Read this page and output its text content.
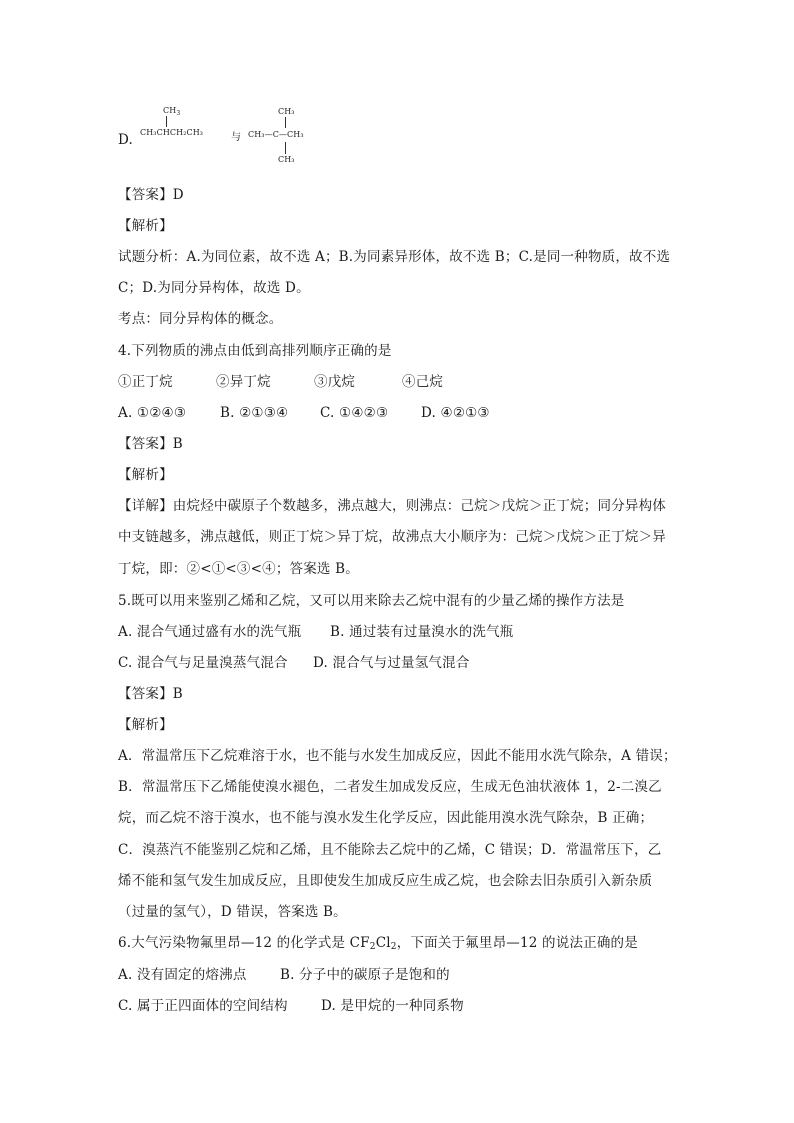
D.
$CH_3$
CH₃CHCH₂CH₃	与
CH₃
CH₃—C—CH₃
CH₃
【答案】D
【解析】
试题分析：A.为同位素，故不选 A；B.为同素异形体，故不选 B；C.是同一种物质，故不选
C；D.为同分异构体，故选 D。
考点：同分异构体的概念。
4.下列物质的沸点由低到高排列顺序正确的是
①正丁烷	②异丁烷	③戊烷	④己烷
A. ①②④③	B. ②①③④ C. ①④②③ D. ④②①③
【答案】B
【解析】
【详解】由烷烃中碳原子个数越多，沸点越大，则沸点：己烷＞戊烷＞正丁烷；同分异构体
中支链越多，沸点越低，则正丁烷＞异丁烷，故沸点大小顺序为：己烷＞戊烷＞正丁烷＞异
丁烷，即：②<①<③<④；答案选 B。
5.既可以用来鉴别乙烯和乙烷，又可以用来除去乙烷中混有的少量乙烯的操作方法是
A. 混合气通过盛有水的洗气瓶 B. 通过装有过量溴水的洗气瓶
C. 混合气与足量溴蒸气混合 D. 混合气与过量氢气混合
【答案】B
【解析】
A．常温常压下乙烷难溶于水，也不能与水发生加成反应，因此不能用水洗气除杂，A 错误；
B．常温常压下乙烯能使溴水褪色，二者发生加成发反应，生成无色油状液体 1，2-二溴乙
烷，而乙烷不溶于溴水，也不能与溴水发生化学反应，因此能用溴水洗气除杂，B 正确；
C．溴蒸汽不能鉴别乙烷和乙烯，且不能除去乙烷中的乙烯，C 错误；D．常温常压下，乙
烯不能和氢气发生加成反应，且即使发生加成反应生成乙烷，也会除去旧杂质引入新杂质
（过量的氢气），D 错误，答案选 B。
6.大气污染物氟里昂—12 的化学式是 $CF_2Cl_2$，下面关于氟里昂—12 的说法正确的是
A. 没有固定的熔沸点 B. 分子中的碳原子是饱和的
C. 属于正四面体的空间结构 D. 是甲烷的一种同系物
